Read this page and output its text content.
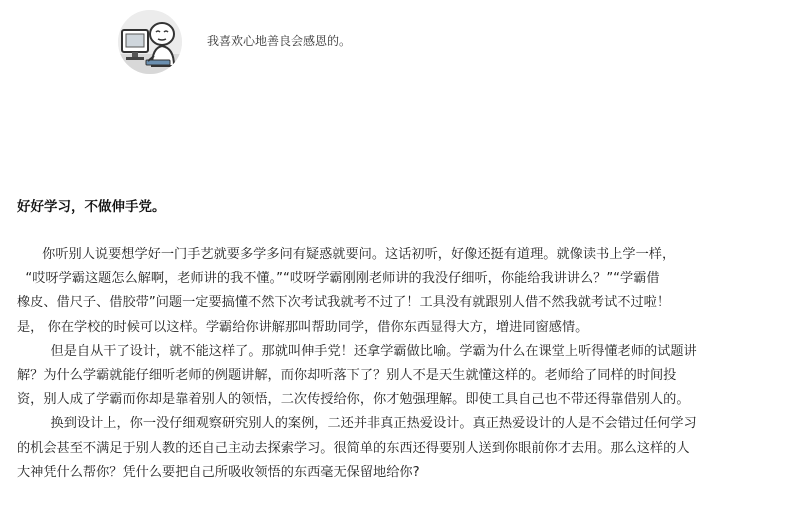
我喜欢心地善良会感恩的。
好好学习，不做伸手党。

你听别人说要想学好一门手艺就要多学多问有疑惑就要问。这话初听，好像还挺有道理。就像读书上学一样，
“哎呀学霸这题怎么解啊，老师讲的我不懂。”“哎呀学霸刚刚老师讲的我没仔细听，你能给我讲讲么？”“学霸借
橡皮、借尺子、借胶带”问题一定要搞懂不然下次考试我就考不过了！工具没有就跟别人借不然我就考试不过啦！
是， 你在学校的时候可以这样。学霸给你讲解那叫帮助同学，借你东西显得大方，增进同窗感情。

但是自从干了设计，就不能这样了。那就叫伸手党！还拿学霸做比喻。学霸为什么在课堂上听得懂老师的试题讲
解？为什么学霸就能仔细听老师的例题讲解，而你却听落下了？别人不是天生就懂这样的。老师给了同样的时间投
资，别人成了学霸而你却是靠着别人的领悟，二次传授给你，你才勉强理解。即使工具自己也不带还得靠借别人的。

换到设计上，你一没仔细观察研究别人的案例，二还并非真正热爱设计。真正热爱设计的人是不会错过任何学习
的机会甚至不满足于别人教的还自己主动去探索学习。很简单的东西还得要别人送到你眼前你才去用。那么这样的人
大神凭什么帮你？凭什么要把自己所吸收领悟的东西毫无保留地给你?
